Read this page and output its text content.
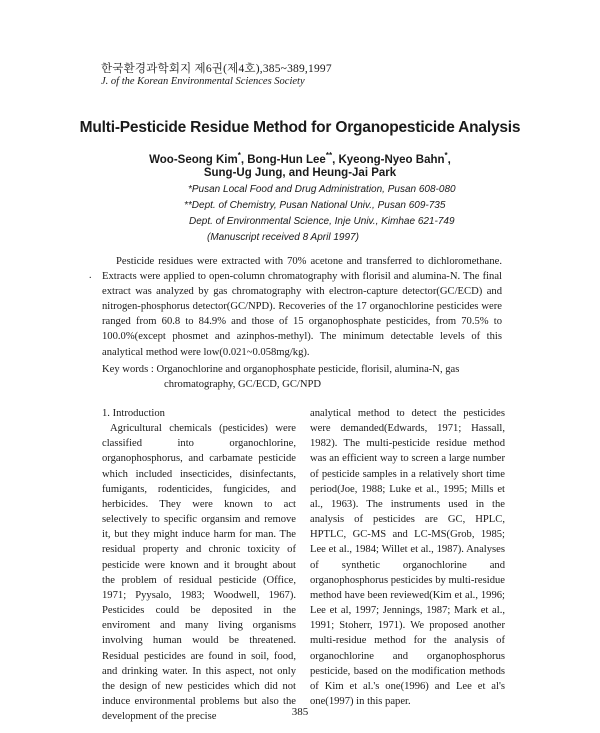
한국환경과학회지 제6권(제4호),385~389,1997
J. of the Korean Environmental Sciences Society
Multi-Pesticide Residue Method for Organopesticide Analysis
Woo-Seong Kim*, Bong-Hun Lee**, Kyeong-Nyeo Bahn*,
Sung-Ug Jung, and Heung-Jai Park
*Pusan Local Food and Drug Administration, Pusan 608-080
**Dept. of Chemistry, Pusan National Univ., Pusan 609-735
Dept. of Environmental Science, Inje Univ., Kimhae 621-749
(Manuscript received 8 April 1997)
.

Pesticide residues were extracted with 70% acetone and transferred to dichloromethane. Extracts were applied to open-column chromatography with florisil and alumina-N. The final extract was analyzed by gas chromatography with electron-capture detector(GC/ECD) and nitrogen-phosphorus detector(GC/NPD). Recoveries of the 17 organochlorine pesticides were ranged from 60.8 to 84.9% and those of 15 organophosphate pesticides, from 70.5% to 100.0%(except phosmet and azinphos-methyl). The minimum detectable levels of this analytical method were low(0.021~0.058mg/kg).

Key words : Organochlorine and organophosphate pesticide, florisil, alumina-N, gas chromatography, GC/ECD, GC/NPD

1. Introduction
Agricultural chemicals (pesticides) were classified into organochlorine, organophosphorus, and carbamate pesticide which included insecticides, disinfectants, fumigants, rodenticides, fungicides, and herbicides. They were known to act selectively to specific organsim and remove it, but they might induce harm for man. The residual property and chronic toxicity of pesticide were known and it brought about the problem of residual pesticide (Office, 1971; Pyysalo, 1983; Woodwell, 1967). Pesticides could be deposited in the enviroment and many living organisms involving human would be threatened. Residual pesticides are found in soil, food, and drinking water. In this aspect, not only the design of new pesticides which did not induce environmental problems but also the development of the precise
analytical method to detect the pesticides were demanded(Edwards, 1971; Hassall, 1982). The multi-pesticide residue method was an efficient way to screen a large number of pesticide samples in a relatively short time period(Joe, 1988; Luke et al., 1995; Mills et al., 1963). The instruments used in the analysis of pesticides are GC, HPLC, HPTLC, GC-MS and LC-MS(Grob, 1985; Lee et al., 1984; Willet et al., 1987). Analyses of synthetic organochlorine and organophosphorus pesticides by multi-residue method have been reviewed(Kim et al., 1996; Lee et al, 1997; Jennings, 1987; Mark et al., 1991; Stoherr, 1971). We proposed another multi-residue method for the analysis of organochlorine and organophosphorus pesticide, based on the modification methods of Kim et al.'s one(1996) and Lee et al's one(1997) in this paper.
385
